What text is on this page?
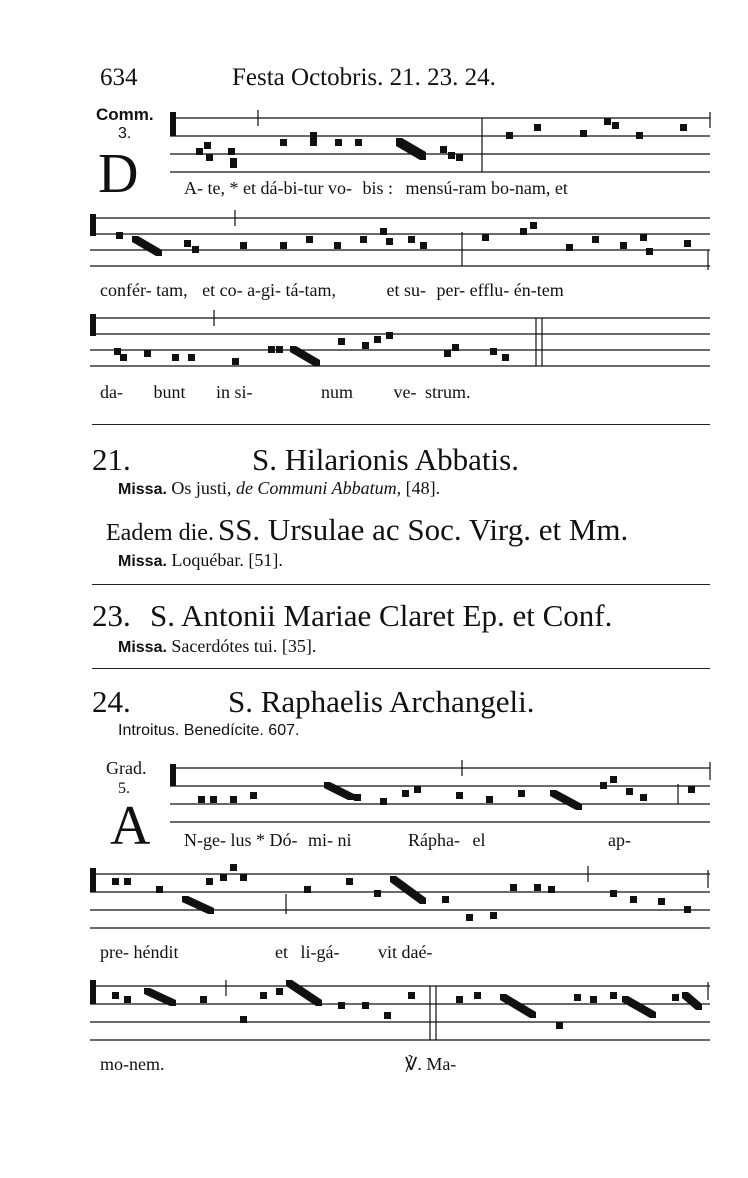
634	Festa Octobris. 21. 23. 24.
Comm.
3.
D	A- te, * et dá-bi-tur vo- bis : mensú-ram bo-nam, et
confér- tam, et co- a-gi- tá-tam,	et su- per- efflu- én-tem
da- bunt in si-	num ve- strum.
21.	S. Hilarionis Abbatis.
Missa. Os justi, de Communi Abbatum, [48].
Eadem die. SS. Ursulae ac Soc. Virg. et Mm.
Missa. Loquébar. [51].
23. S. Antonii Mariae Claret Ep. et Conf.
Missa. Sacerdótes tui. [35].
24.	S. Raphaelis Archangeli.
Introitus. Benedícite. 607.
Grad.
5.
A N-ge- lus * Dó- mi- ni	Rápha- el	ap-
pre- héndit	et li-gá- vit daé-
mo-nem.	℣. Ma-
